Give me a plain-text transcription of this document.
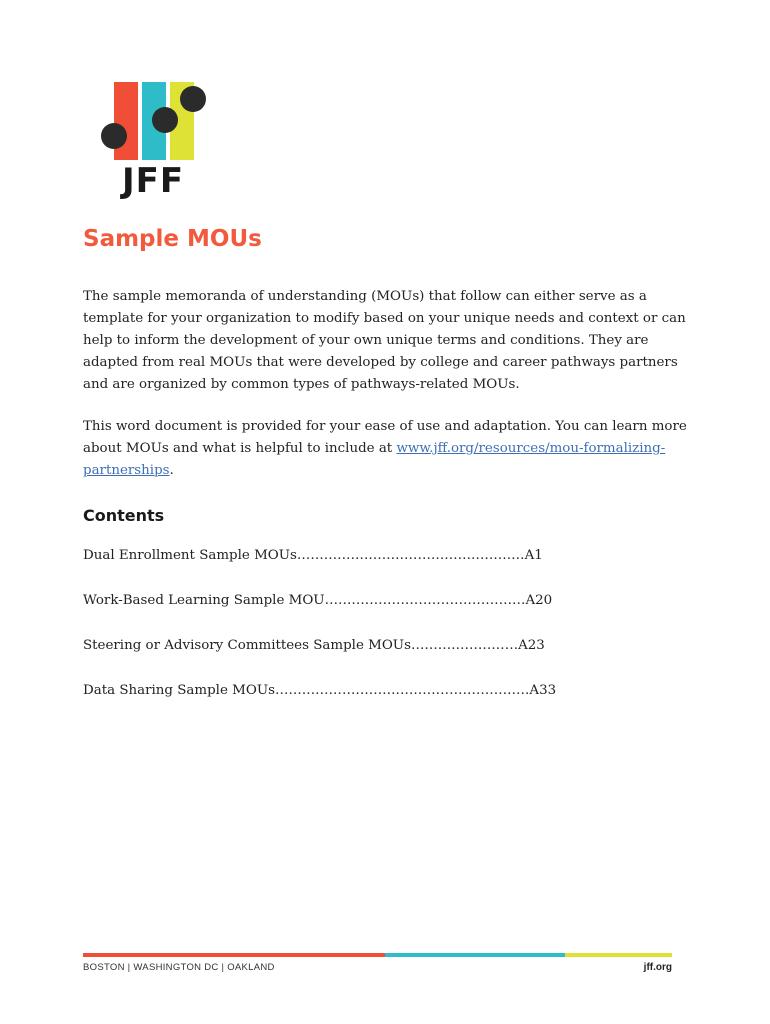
JFF
Sample MOUs

The sample memoranda of understanding (MOUs) that follow can either serve as a template for your organization to modify based on your unique needs and context or can help to inform the development of your own unique terms and conditions. They are adapted from real MOUs that were developed by college and career pathways partners and are organized by common types of pathways-related MOUs.

This word document is provided for your ease of use and adaptation. You can learn more about MOUs and what is helpful to include at www.jff.org/resources/mou-formalizing-partnerships.

Contents
Dual Enrollment Sample MOUs……………………………………………A1
Work-Based Learning Sample MOU………………………………………A20
Steering or Advisory Committees Sample MOUs……………………A23
Data Sharing Sample MOUs…………………………………………………A33
BOSTON | WASHINGTON DC | OAKLAND	jff.org
